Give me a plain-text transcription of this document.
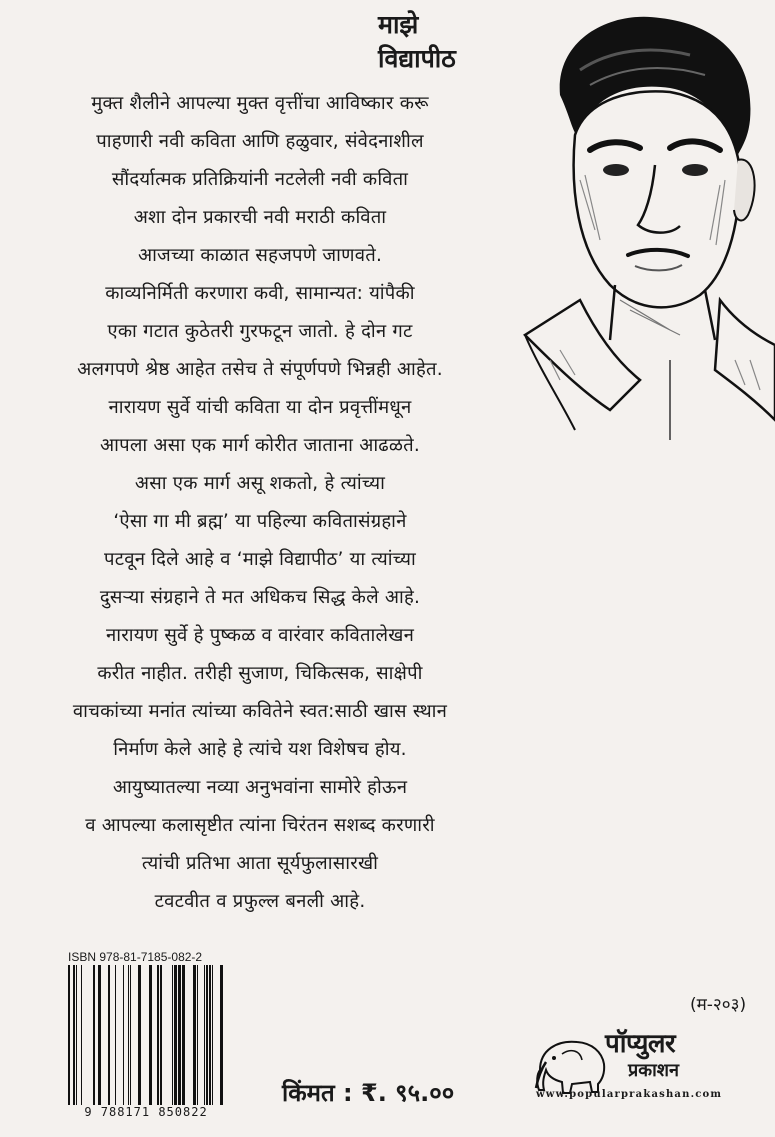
माझे
विद्यापीठ
मुक्त शैलीने आपल्या मुक्त वृत्तींचा आविष्कार करू
पाहणारी नवी कविता आणि हळुवार, संवेदनाशील
सौंदर्यात्मक प्रतिक्रियांनी नटलेली नवी कविता
अशा दोन प्रकारची नवी मराठी कविता
आजच्या काळात सहजपणे जाणवते.
काव्यनिर्मिती करणारा कवी, सामान्यत: यांपैकी
एका गटात कुठेतरी गुरफटून जातो. हे दोन गट
अलगपणे श्रेष्ठ आहेत तसेच ते संपूर्णपणे भिन्नही आहेत.
नारायण सुर्वे यांची कविता या दोन प्रवृत्तींमधून
आपला असा एक मार्ग कोरीत जाताना आढळते.
असा एक मार्ग असू शकतो, हे त्यांच्या
‘ऐसा गा मी ब्रह्म’ या पहिल्या कवितासंग्रहाने
पटवून दिले आहे व ‘माझे विद्यापीठ’ या त्यांच्या
दुसऱ्या संग्रहाने ते मत अधिकच सिद्ध केले आहे.
नारायण सुर्वे हे पुष्कळ व वारंवार कवितालेखन
करीत नाहीत. तरीही सुजाण, चिकित्सक, साक्षेपी
वाचकांच्या मनांत त्यांच्या कवितेने स्वत:साठी खास स्थान
निर्माण केले आहे हे त्यांचे यश विशेषच होय.
आयुष्यातल्या नव्या अनुभवांना सामोरे होऊन
व आपल्या कलासृष्टीत त्यांना चिरंतन सशब्द करणारी
त्यांची प्रतिभा आता सूर्यफुलासारखी
टवटवीत व प्रफुल्ल बनली आहे.
ISBN 978-81-7185-082-2
9 788171 850822
किंमत : ₹. ९५.००
(म-२०३)
पॉप्युलर
प्रकाशन
www.popularprakashan.com
